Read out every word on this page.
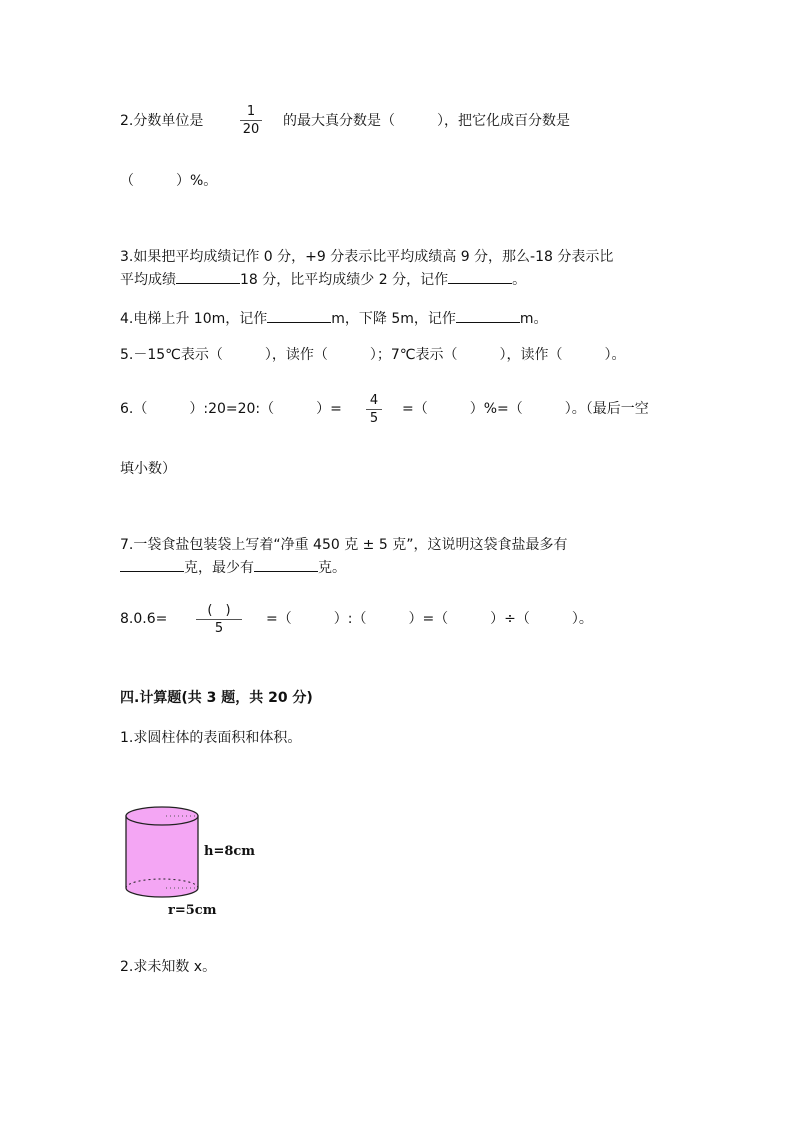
2.分数单位是
1
20
的最大真分数是（　　　），把它化成百分数是
（　　　）%。
3.如果把平均成绩记作 0 分，+9 分表示比平均成绩高 9 分，那么-18 分表示比
平均成绩	18 分，比平均成绩少 2 分，记作	。
4.电梯上升 10m，记作	m，下降 5m，记作	m。
5.－15℃表示（　　　），读作（　　　）；7℃表示（　　　），读作（　　　）。
6.（　　　）:20=20:（　　　）=
4
5
=（　　　）%=（　　　）。（最后一空
填小数）
7.一袋食盐包装袋上写着“净重 450 克 ± 5 克”，这说明这袋食盐最多有
克，最少有	克。
8.0.6=
(　)
5
=（　　　）:（　　　）=（　　　）÷（　　　）。
四.计算题(共 3 题，共 20 分)
1.求圆柱体的表面积和体积。
h=8cm
r=5cm
2.求未知数 x。
